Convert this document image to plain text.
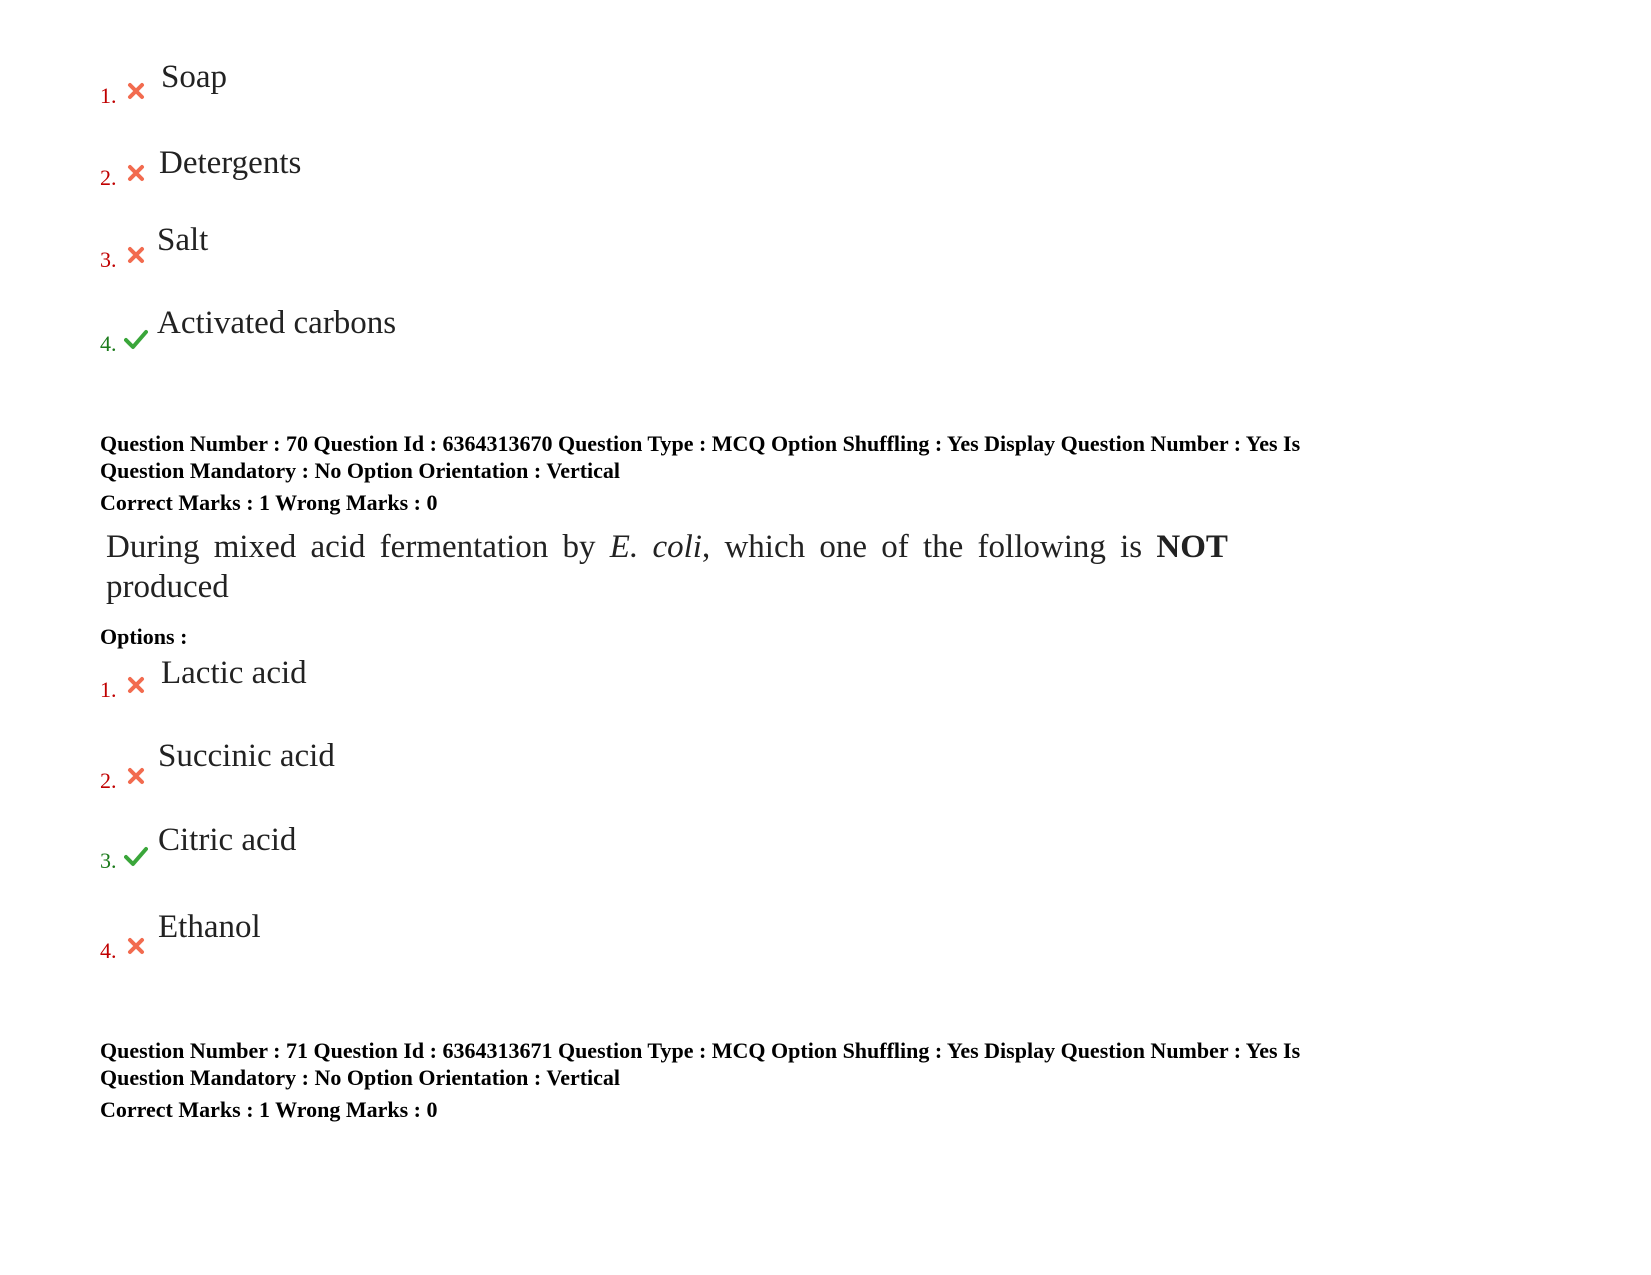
1.
Soap
2. Detergents
3.
Salt
4.
Activated carbons
Question Number : 70 Question Id : 6364313670 Question Type : MCQ Option Shuffling : Yes Display Question Number : Yes Is
Question Mandatory : No Option Orientation : Vertical
Correct Marks : 1 Wrong Marks : 0
During mixed acid fermentation by E. coli, which one of the following is NOT
produced
Options :
1. Lactic acid
2.
Succinic acid
3.
Citric acid
4.
Ethanol
Question Number : 71 Question Id : 6364313671 Question Type : MCQ Option Shuffling : Yes Display Question Number : Yes Is
Question Mandatory : No Option Orientation : Vertical
Correct Marks : 1 Wrong Marks : 0
